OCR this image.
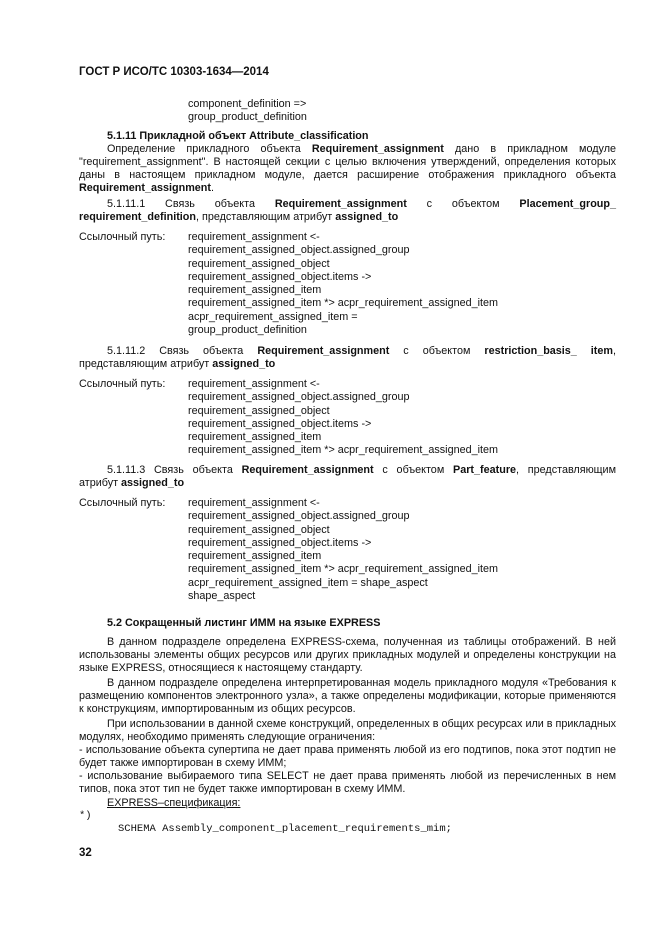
ГОСТ Р ИСО/ТС 10303-1634—2014
component_definition =>
group_product_definition
5.1.11 Прикладной объект Attribute_classification
Определение прикладного объекта Requirement_assignment дано в прикладном модуле "requirement_assignment". В настоящей секции с целью включения утверждений, определения которых даны в настоящем прикладном модуле, дается расширение отображения прикладного объекта Requirement_assignment.
5.1.11.1 Связь объекта Requirement_assignment с объектом Placement_group_ requirement_definition, представляющим атрибут assigned_to
Ссылочный путь: requirement_assignment <-
requirement_assigned_object.assigned_group
requirement_assigned_object
requirement_assigned_object.items ->
requirement_assigned_item
requirement_assigned_item *> acpr_requirement_assigned_item
acpr_requirement_assigned_item =
group_product_definition
5.1.11.2 Связь объекта Requirement_assignment с объектом restriction_basis_ item, представляющим атрибут assigned_to
Ссылочный путь: requirement_assignment <-
requirement_assigned_object.assigned_group
requirement_assigned_object
requirement_assigned_object.items ->
requirement_assigned_item
requirement_assigned_item *> acpr_requirement_assigned_item
5.1.11.3 Связь объекта Requirement_assignment с объектом Part_feature, представляющим атрибут assigned_to
Ссылочный путь: requirement_assignment <-
requirement_assigned_object.assigned_group
requirement_assigned_object
requirement_assigned_object.items ->
requirement_assigned_item
requirement_assigned_item *> acpr_requirement_assigned_item
acpr_requirement_assigned_item = shape_aspect
shape_aspect
5.2 Сокращенный листинг ИММ на языке EXPRESS
В данном подразделе определена EXPRESS-схема, полученная из таблицы отображений. В ней использованы элементы общих ресурсов или других прикладных модулей и определены конструкции на языке EXPRESS, относящиеся к настоящему стандарту.
В данном подразделе определена интерпретированная модель прикладного модуля «Требования к размещению компонентов электронного узла», а также определены модификации, которые применяются к конструкциям, импортированным из общих ресурсов.
При использовании в данной схеме конструкций, определенных в общих ресурсах или в прикладных модулях, необходимо применять следующие ограничения:
- использование объекта супертипа не дает права применять любой из его подтипов, пока этот подтип не будет также импортирован в схему ИММ;
- использование выбираемого типа SELECT не дает права применять любой из перечисленных в нем типов, пока этот тип не будет также импортирован в схему ИММ.
EXPRESS–спецификация:
*)
SCHEMA Assembly_component_placement_requirements_mim;
32
